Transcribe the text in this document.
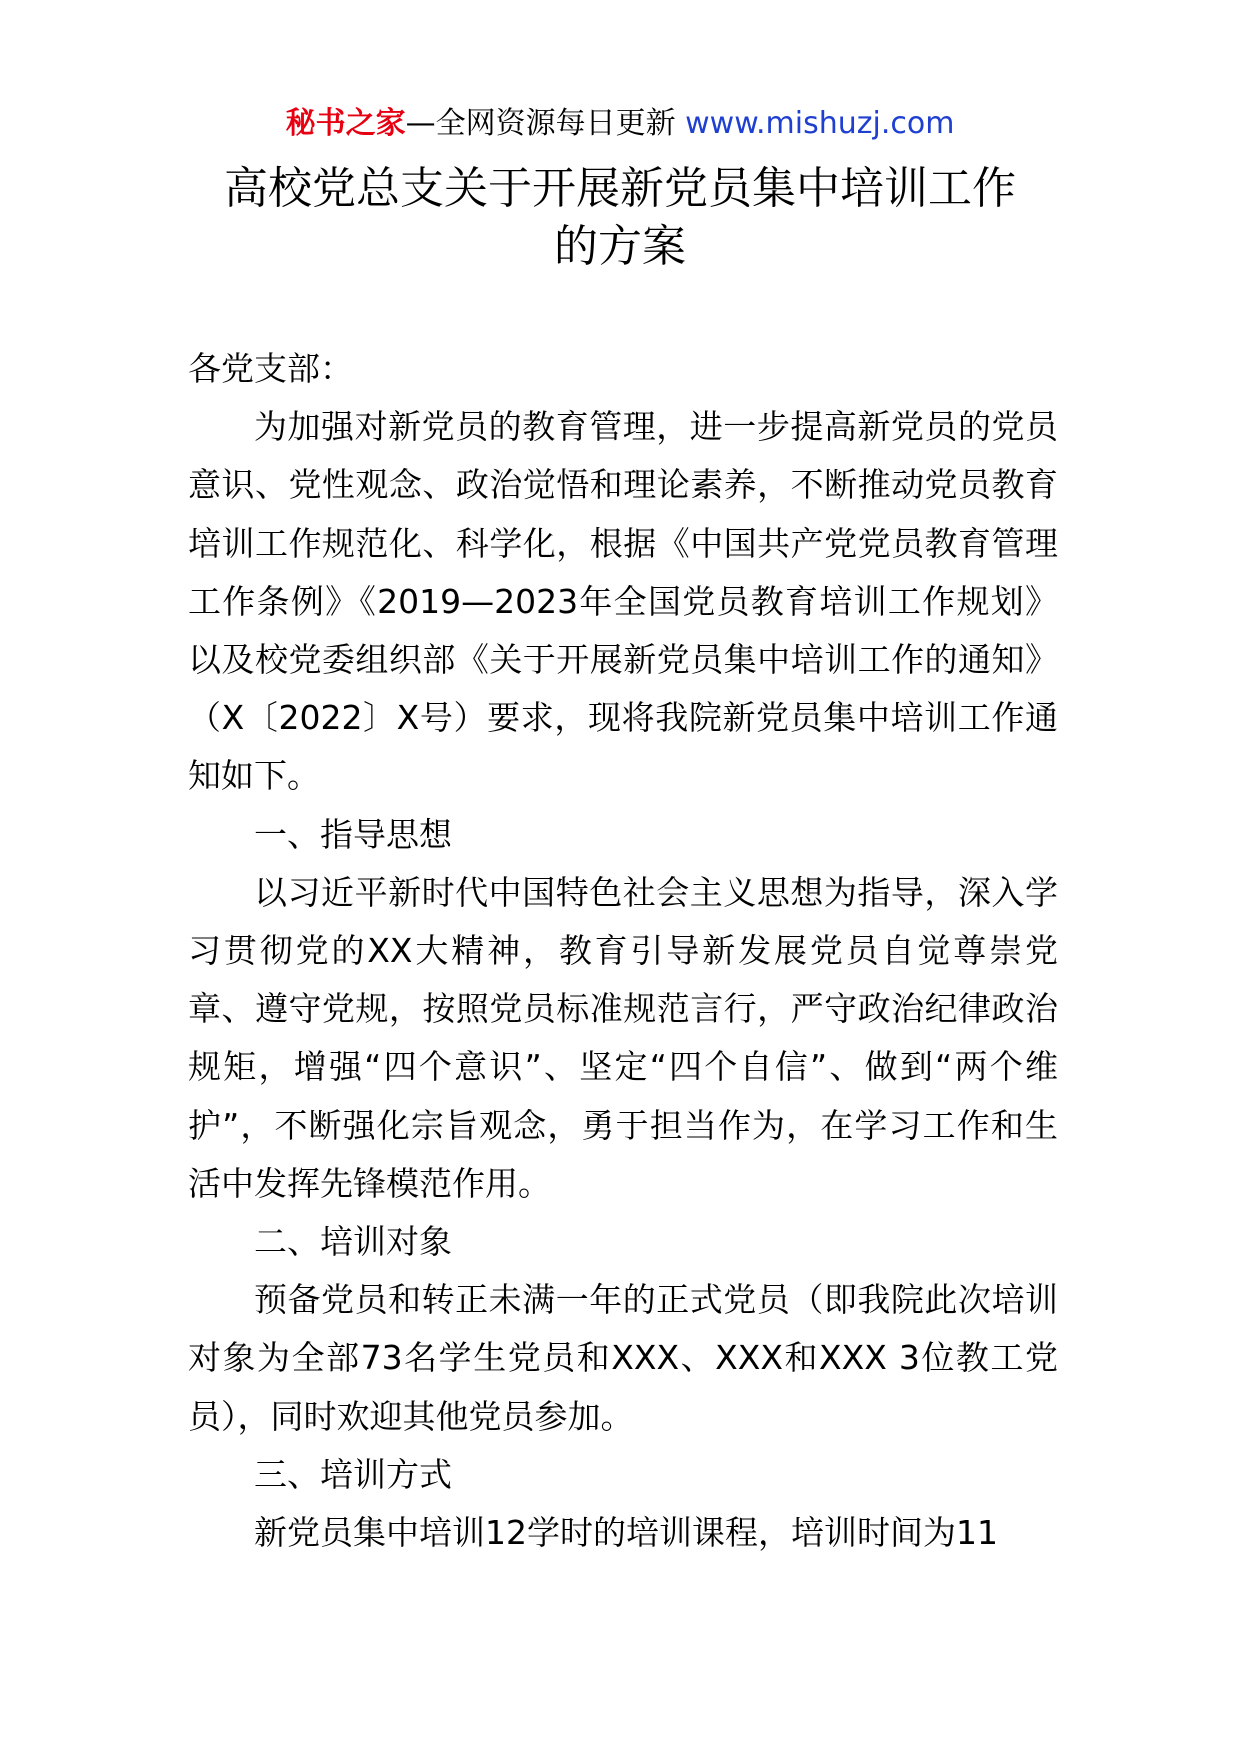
秘书之家—全网资源每日更新 www.mishuzj.com
高校党总支关于开展新党员集中培训工作
的方案

各党支部：

为加强对新党员的教育管理，进一步提高新党员的党员意识、党性观念、政治觉悟和理论素养，不断推动党员教育培训工作规范化、科学化，根据《中国共产党党员教育管理工作条例》《2019—2023年全国党员教育培训工作规划》以及校党委组织部《关于开展新党员集中培训工作的通知》（X〔2022〕X号）要求，现将我院新党员集中培训工作通知如下。

一、指导思想

以习近平新时代中国特色社会主义思想为指导，深入学习贯彻党的XX大精神，教育引导新发展党员自觉尊崇党章、遵守党规，按照党员标准规范言行，严守政治纪律政治规矩，增强“四个意识”、坚定“四个自信”、做到“两个维护”，不断强化宗旨观念，勇于担当作为，在学习工作和生活中发挥先锋模范作用。

二、培训对象

预备党员和转正未满一年的正式党员（即我院此次培训对象为全部73名学生党员和XXX、XXX和XXX 3位教工党员），同时欢迎其他党员参加。

三、培训方式

新党员集中培训12学时的培训课程，培训时间为11
